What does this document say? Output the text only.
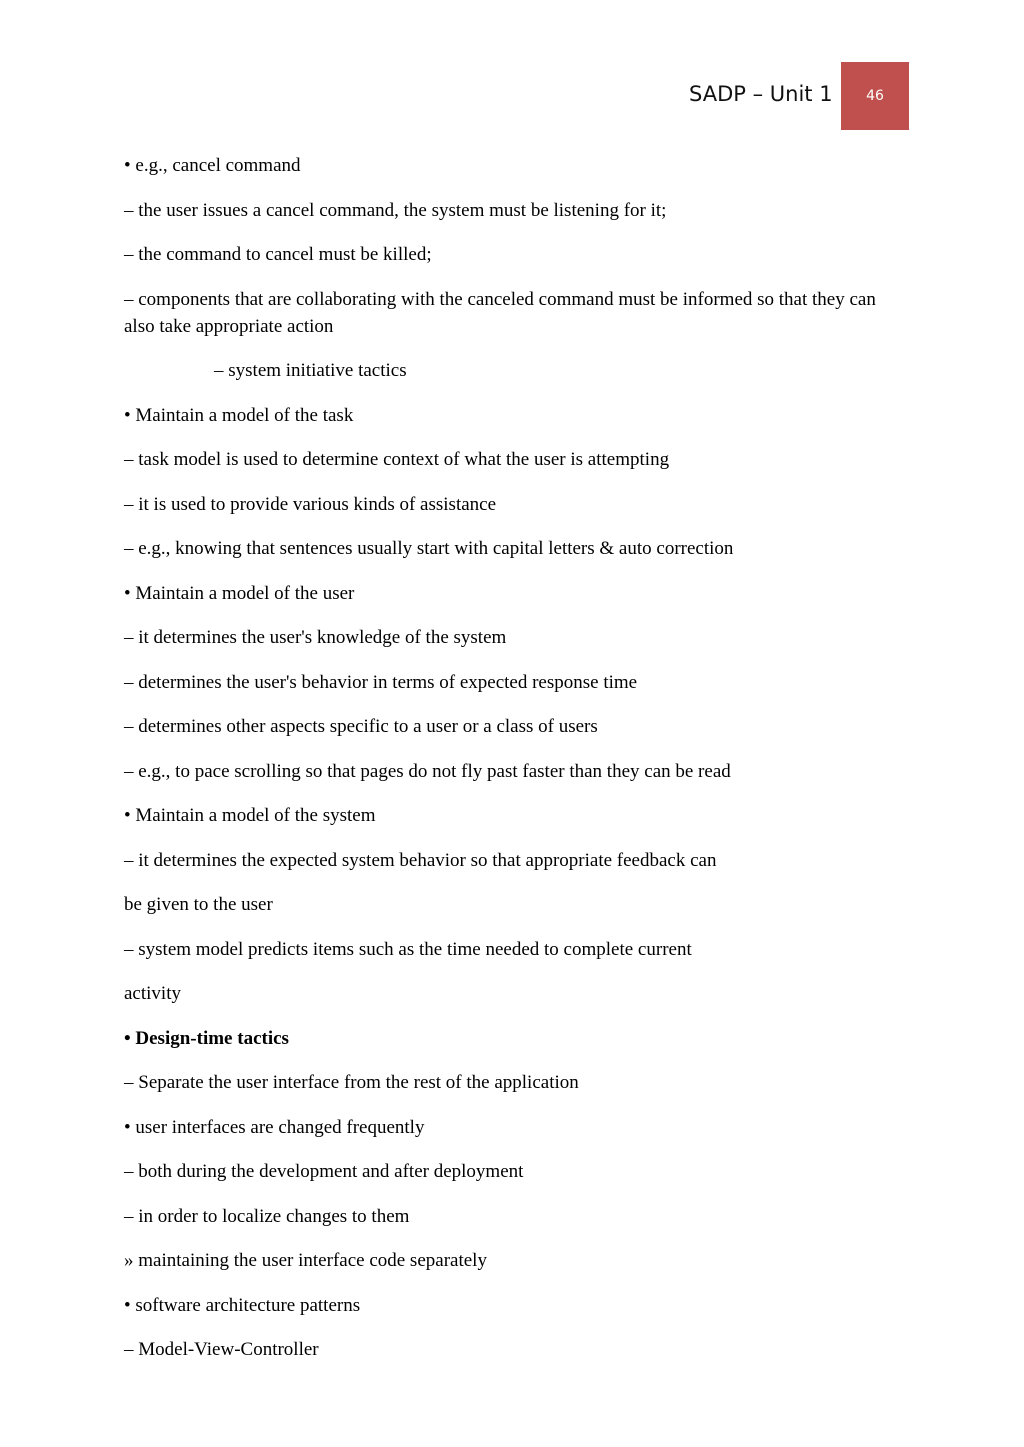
SADP – Unit 1	46

• e.g., cancel command

– the user issues a cancel command, the system must be listening for it;

– the command to cancel must be killed;

– components that are collaborating with the canceled command must be informed so that they can also take appropriate action

– system initiative tactics

• Maintain a model of the task

– task model is used to determine context of what the user is attempting

– it is used to provide various kinds of assistance

– e.g., knowing that sentences usually start with capital letters & auto correction

• Maintain a model of the user

– it determines the user's knowledge of the system

– determines the user's behavior in terms of expected response time

– determines other aspects specific to a user or a class of users

– e.g., to pace scrolling so that pages do not fly past faster than they can be read

• Maintain a model of the system

– it determines the expected system behavior so that appropriate feedback can

be given to the user

– system model predicts items such as the time needed to complete current

activity

• Design-time tactics

– Separate the user interface from the rest of the application

• user interfaces are changed frequently

– both during the development and after deployment

– in order to localize changes to them

» maintaining the user interface code separately

• software architecture patterns

– Model-View-Controller
